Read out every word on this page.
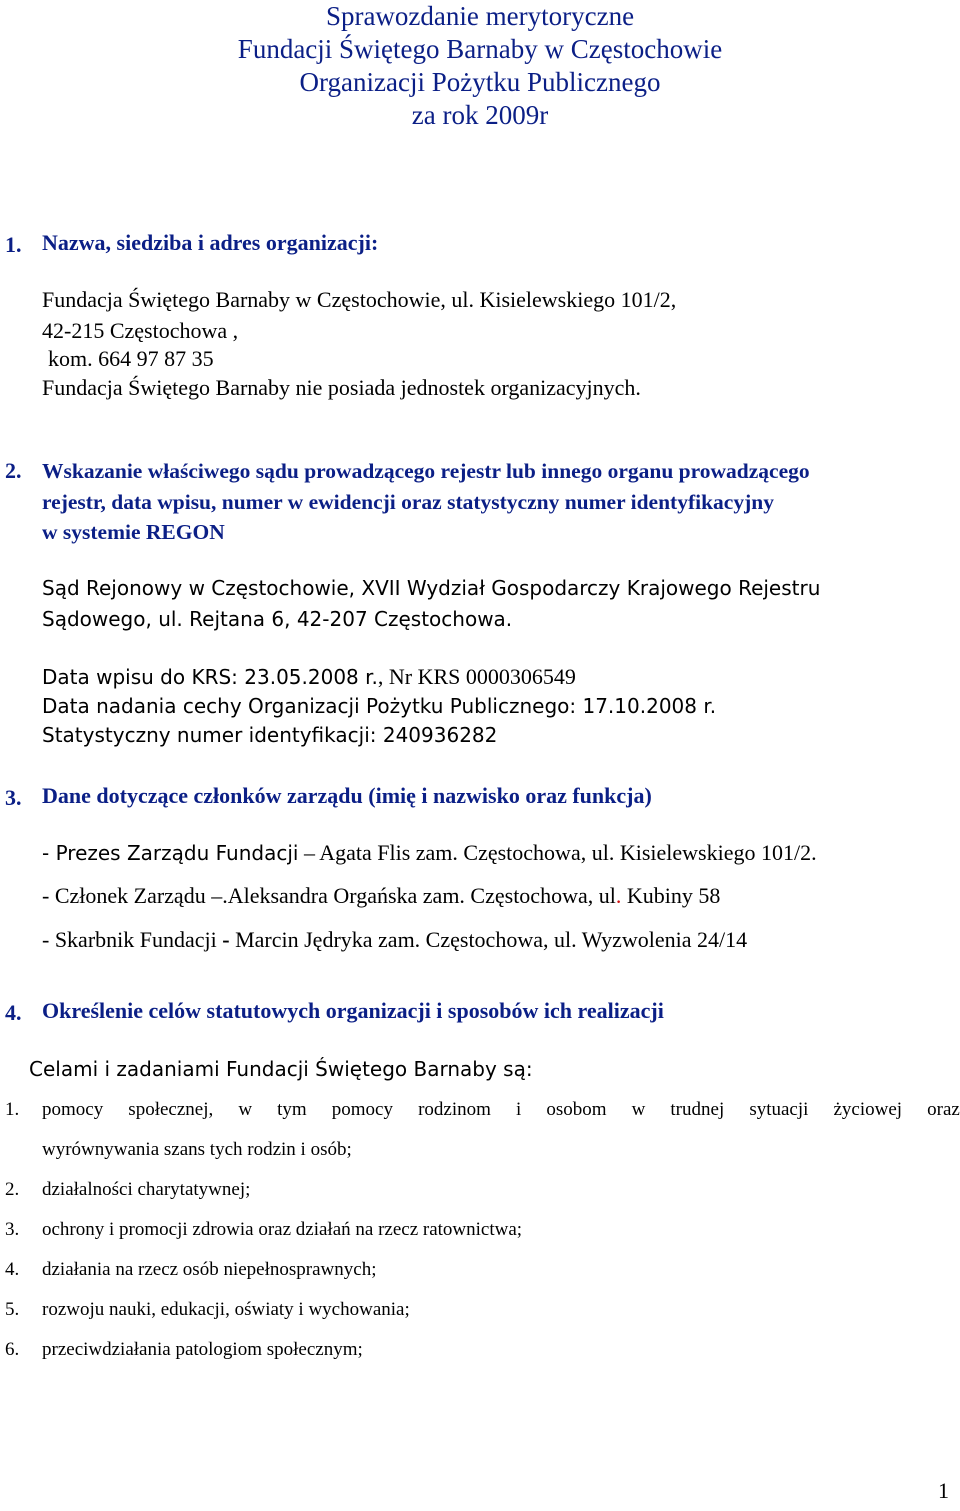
Sprawozdanie merytoryczne
Fundacji Świętego Barnaby w Częstochowie
Organizacji Pożytku Publicznego
za rok 2009r
1. Nazwa, siedziba i adres organizacji:
Fundacja Świętego Barnaby w Częstochowie, ul. Kisielewskiego 101/2,
42-215 Częstochowa ,
kom. 664 97 87 35
Fundacja Świętego Barnaby nie posiada jednostek organizacyjnych.
2. Wskazanie właściwego sądu prowadzącego rejestr lub innego organu prowadzącego
rejestr, data wpisu, numer w ewidencji oraz statystyczny numer identyfikacyjny
w systemie REGON
Sąd Rejonowy w Częstochowie, XVII Wydział Gospodarczy Krajowego Rejestru
Sądowego, ul. Rejtana 6, 42-207 Częstochowa.
Data wpisu do KRS: 23.05.2008 r., Nr KRS 0000306549
Data nadania cechy Organizacji Pożytku Publicznego: 17.10.2008 r.
Statystyczny numer identyfikacji: 240936282
3. Dane dotyczące członków zarządu (imię i nazwisko oraz funkcja)
- Prezes Zarządu Fundacji – Agata Flis zam. Częstochowa, ul. Kisielewskiego 101/2.
- Członek Zarządu –.Aleksandra Orgańska zam. Częstochowa, ul. Kubiny 58
- Skarbnik Fundacji - Marcin Jędryka zam. Częstochowa, ul. Wyzwolenia 24/14
4. Określenie celów statutowych organizacji i sposobów ich realizacji
Celami i zadaniami Fundacji Świętego Barnaby są:
1. pomocy społecznej, w tym pomocy rodzinom i osobom w trudnej sytuacji życiowej oraz
wyrównywania szans tych rodzin i osób;
2. działalności charytatywnej;
3. ochrony i promocji zdrowia oraz działań na rzecz ratownictwa;
4. działania na rzecz osób niepełnosprawnych;
5. rozwoju nauki, edukacji, oświaty i wychowania;
6. przeciwdziałania patologiom społecznym;
1
